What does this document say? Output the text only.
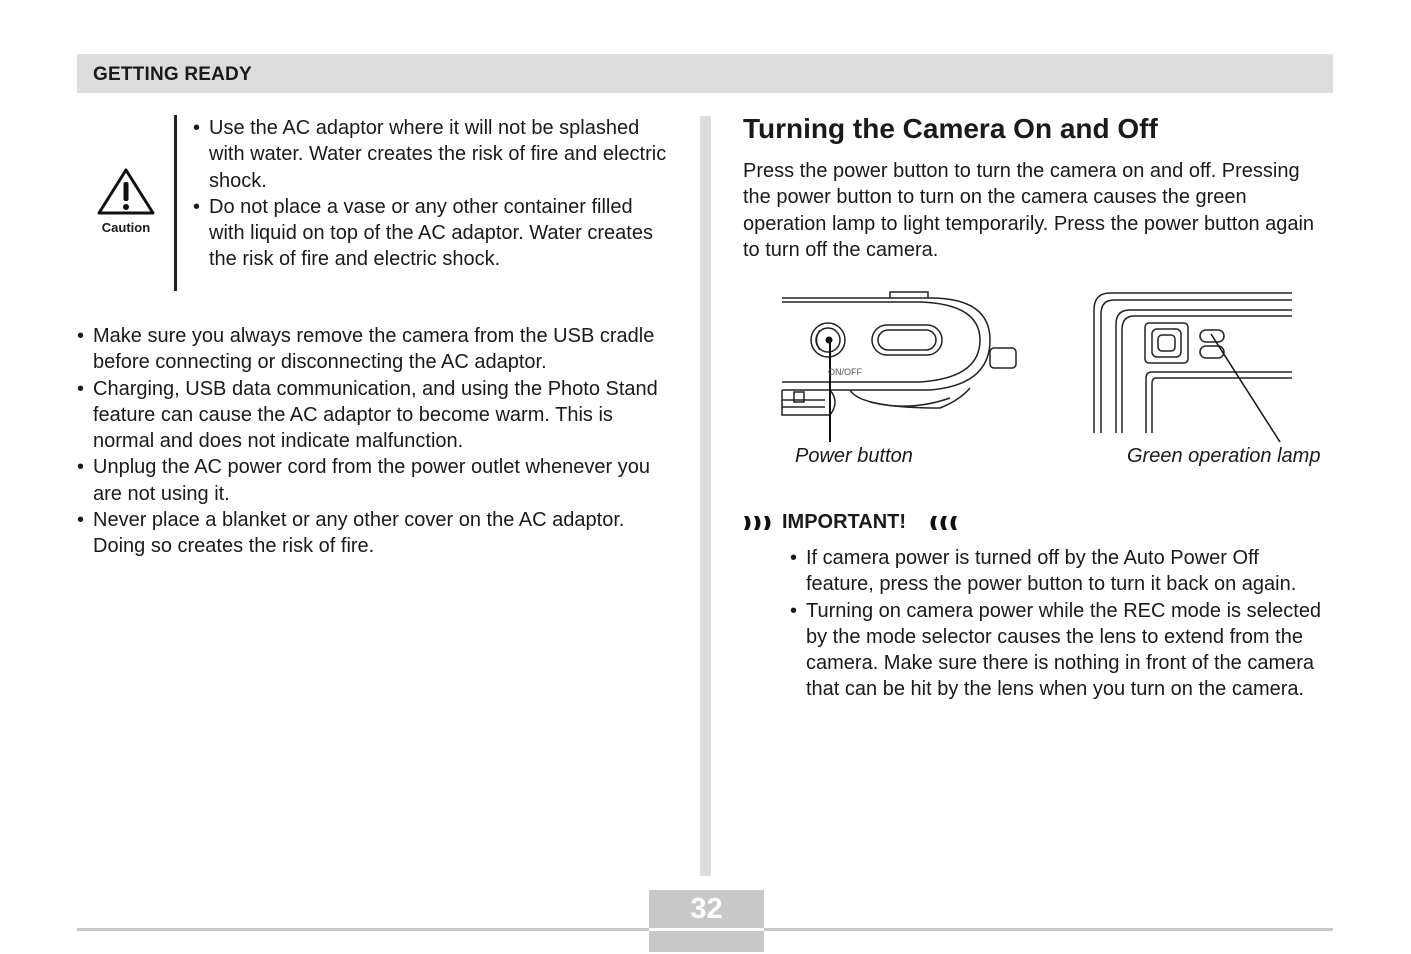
GETTING READY
Caution
• Use the AC adaptor where it will not be splashed with water. Water creates the risk of fire and electric shock.
• Do not place a vase or any other container filled with liquid on top of the AC adaptor. Water creates the risk of fire and electric shock.
• Make sure you always remove the camera from the USB cradle before connecting or disconnecting the AC adaptor.
• Charging, USB data communication, and using the Photo Stand feature can cause the AC adaptor to become warm. This is normal and does not indicate malfunction.
• Unplug the AC power cord from the power outlet whenever you are not using it.
• Never place a blanket or any other cover on the AC adaptor. Doing so creates the risk of fire.
Turning the Camera On and Off

Press the power button to turn the camera on and off. Pressing the power button to turn on the camera causes the green operation lamp to light temporarily. Press the power button again to turn off the camera.

ON/OFF
Power button	Green operation lamp
IMPORTANT!
• If camera power is turned off by the Auto Power Off feature, press the power button to turn it back on again.
• Turning on camera power while the REC mode is selected by the mode selector causes the lens to extend from the camera. Make sure there is nothing in front of the camera that can be hit by the lens when you turn on the camera.
32
